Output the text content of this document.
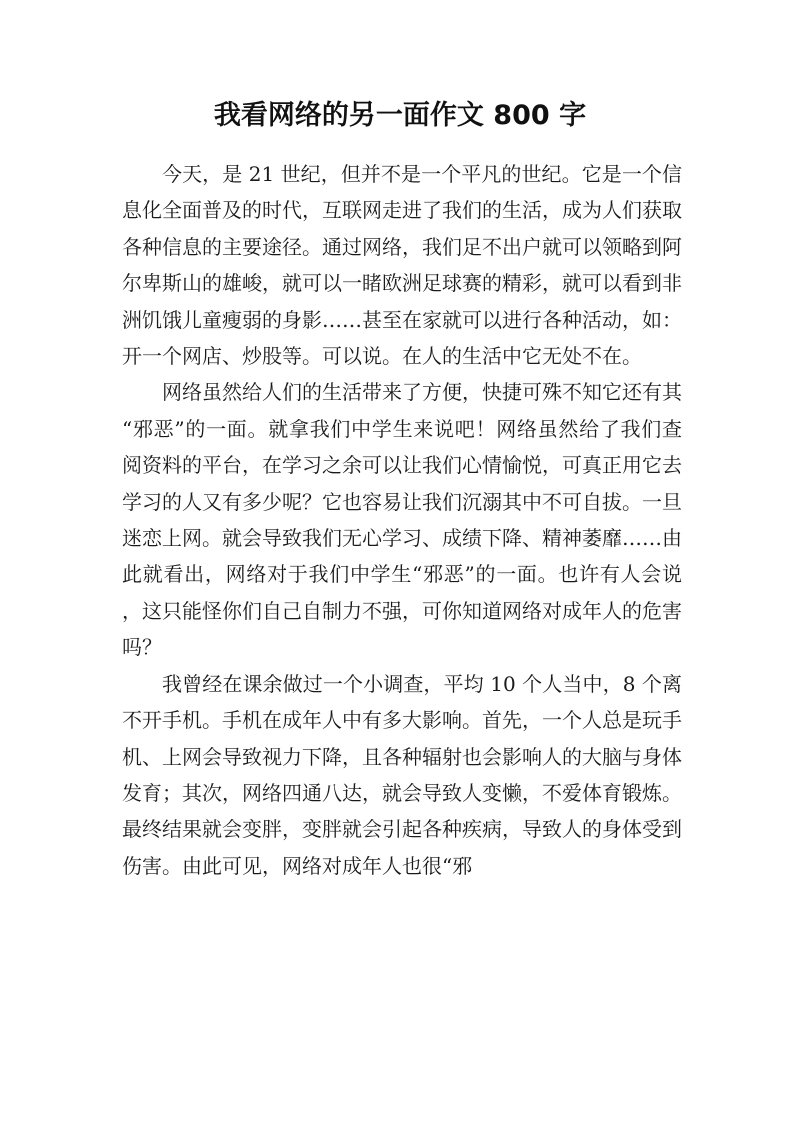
我看网络的另一面作文 800 字

今天，是 21 世纪，但并不是一个平凡的世纪。它是一个信息化全面普及的时代，互联网走进了我们的生活，成为人们获取各种信息的主要途径。通过网络，我们足不出户就可以领略到阿尔卑斯山的雄峻，就可以一睹欧洲足球赛的精彩，就可以看到非洲饥饿儿童瘦弱的身影……甚至在家就可以进行各种活动，如：开一个网店、炒股等。可以说。在人的生活中它无处不在。

网络虽然给人们的生活带来了方便，快捷可殊不知它还有其“邪恶”的一面。就拿我们中学生来说吧！网络虽然给了我们查阅资料的平台，在学习之余可以让我们心情愉悦，可真正用它去学习的人又有多少呢？它也容易让我们沉溺其中不可自拔。一旦迷恋上网。就会导致我们无心学习、成绩下降、精神萎靡……由此就看出，网络对于我们中学生“邪恶”的一面。也许有人会说，这只能怪你们自己自制力不强，可你知道网络对成年人的危害吗？

我曾经在课余做过一个小调查，平均 10 个人当中，8 个离不开手机。手机在成年人中有多大影响。首先，一个人总是玩手机、上网会导致视力下降，且各种辐射也会影响人的大脑与身体发育；其次，网络四通八达，就会导致人变懒，不爱体育锻炼。最终结果就会变胖，变胖就会引起各种疾病，导致人的身体受到伤害。由此可见，网络对成年人也很“邪
